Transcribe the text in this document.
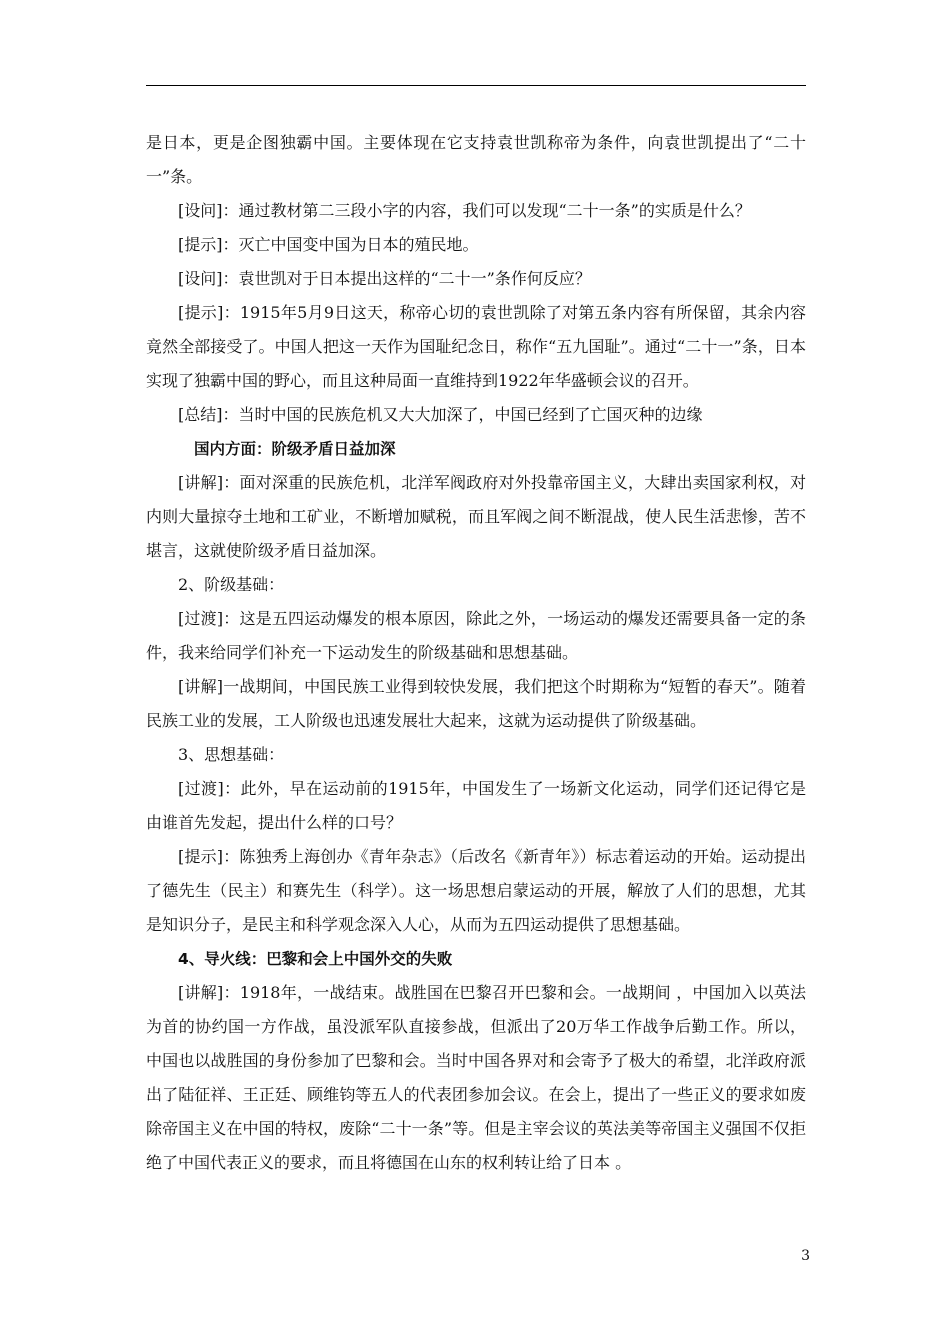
是日本，更是企图独霸中国。主要体现在它支持袁世凯称帝为条件，向袁世凯提出了“二十一”条。

[设问]：通过教材第二三段小字的内容，我们可以发现“二十一条”的实质是什么？

[提示]：灭亡中国变中国为日本的殖民地。

[设问]：袁世凯对于日本提出这样的“二十一”条作何反应？

[提示]：1915年5月9日这天，称帝心切的袁世凯除了对第五条内容有所保留，其余内容竟然全部接受了。中国人把这一天作为国耻纪念日，称作“五九国耻”。通过“二十一”条，日本实现了独霸中国的野心，而且这种局面一直维持到1922年华盛顿会议的召开。

[总结]：当时中国的民族危机又大大加深了，中国已经到了亡国灭种的边缘

国内方面：阶级矛盾日益加深

[讲解]：面对深重的民族危机，北洋军阀政府对外投靠帝国主义，大肆出卖国家利权，对内则大量掠夺土地和工矿业，不断增加赋税，而且军阀之间不断混战，使人民生活悲惨，苦不堪言，这就使阶级矛盾日益加深。

2、阶级基础：

[过渡]：这是五四运动爆发的根本原因，除此之外，一场运动的爆发还需要具备一定的条件，我来给同学们补充一下运动发生的阶级基础和思想基础。

[讲解]一战期间，中国民族工业得到较快发展，我们把这个时期称为“短暂的春天”。随着民族工业的发展，工人阶级也迅速发展壮大起来，这就为运动提供了阶级基础。

3、思想基础：

[过渡]：此外，早在运动前的1915年，中国发生了一场新文化运动，同学们还记得它是由谁首先发起，提出什么样的口号？

[提示]：陈独秀上海创办《青年杂志》（后改名《新青年》）标志着运动的开始。运动提出了德先生（民主）和赛先生（科学）。这一场思想启蒙运动的开展，解放了人们的思想，尤其是知识分子，是民主和科学观念深入人心，从而为五四运动提供了思想基础。

4、导火线：巴黎和会上中国外交的失败

[讲解]：1918年，一战结束。战胜国在巴黎召开巴黎和会。一战期间 ，中国加入以英法为首的协约国一方作战，虽没派军队直接参战，但派出了20万华工作战争后勤工作。所以，中国也以战胜国的身份参加了巴黎和会。当时中国各界对和会寄予了极大的希望，北洋政府派出了陆征祥、王正廷、顾维钧等五人的代表团参加会议。在会上，提出了一些正义的要求如废除帝国主义在中国的特权，废除“二十一条”等。但是主宰会议的英法美等帝国主义强国不仅拒绝了中国代表正义的要求，而且将德国在山东的权利转让给了日本 。

3
